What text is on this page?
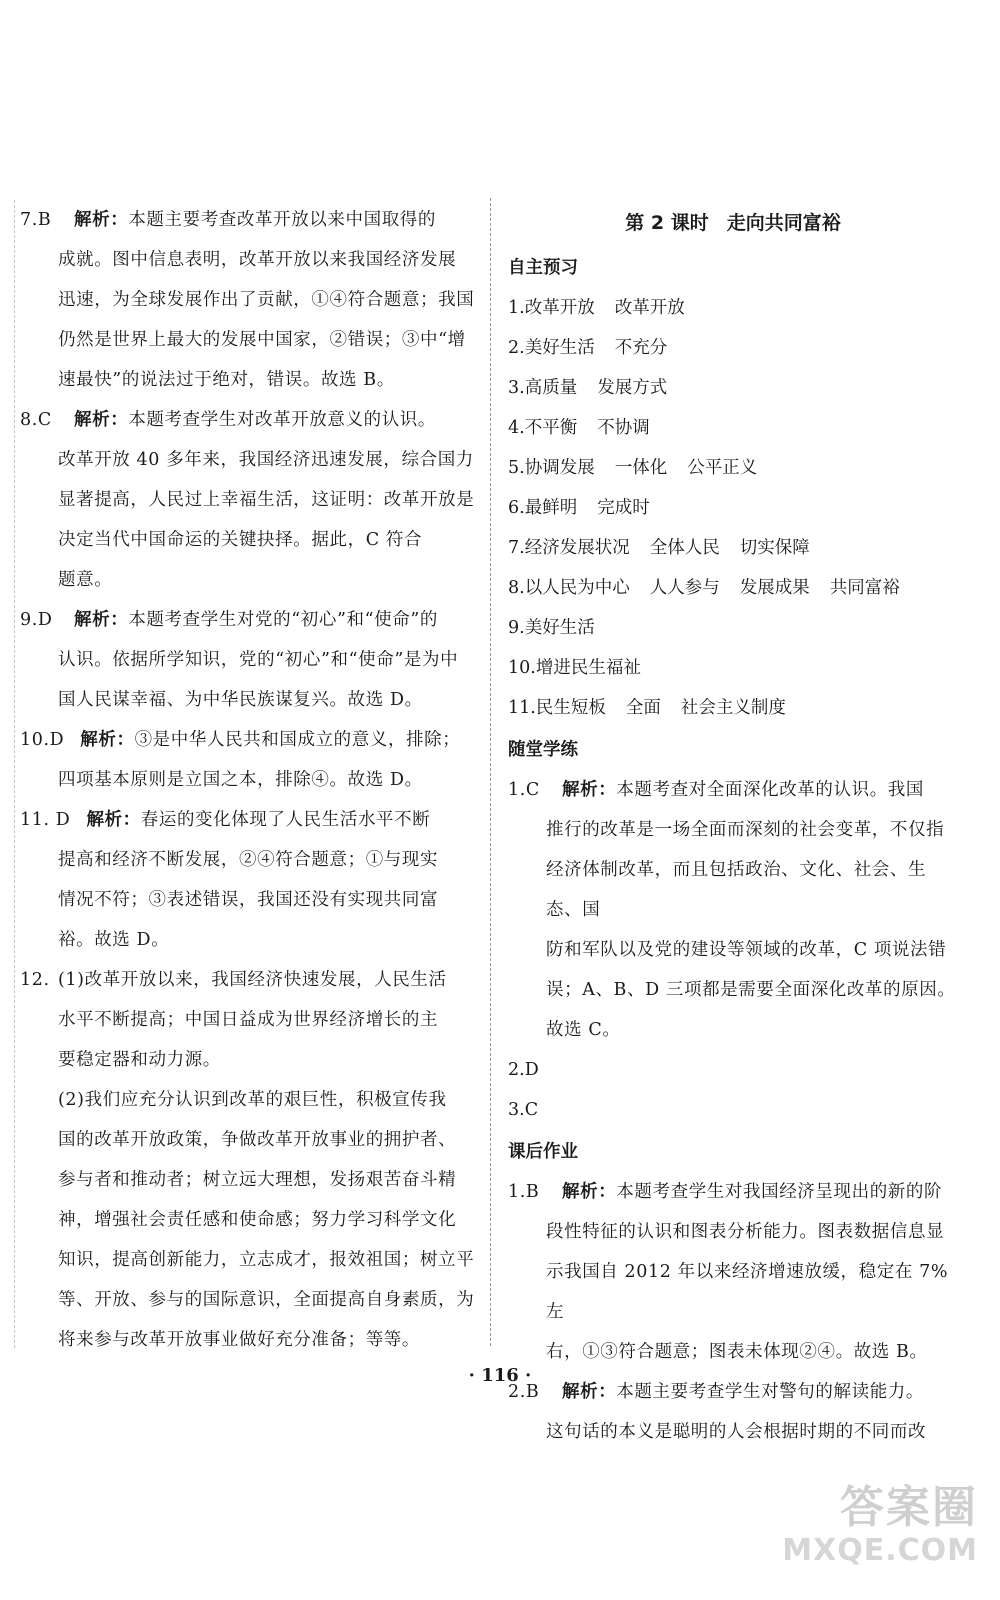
7.B 解析：本题主要考查改革开放以来中国取得的

成就。图中信息表明，改革开放以来我国经济发展

迅速，为全球发展作出了贡献，①④符合题意；我国

仍然是世界上最大的发展中国家，②错误；③中“增

速最快”的说法过于绝对，错误。故选 B。

8.C 解析：本题考查学生对改革开放意义的认识。

改革开放 40 多年来，我国经济迅速发展，综合国力

显著提高，人民过上幸福生活，这证明：改革开放是

决定当代中国命运的关键抉择。据此，C 符合

题意。

9.D 解析：本题考查学生对党的“初心”和“使命”的

认识。依据所学知识，党的“初心”和“使命”是为中

国人民谋幸福、为中华民族谋复兴。故选 D。

10.D 解析：③是中华人民共和国成立的意义，排除；

四项基本原则是立国之本，排除④。故选 D。

11. D 解析：春运的变化体现了人民生活水平不断

提高和经济不断发展，②④符合题意；①与现实

情况不符；③表述错误，我国还没有实现共同富

裕。故选 D。

12. (1)改革开放以来，我国经济快速发展，人民生活

水平不断提高；中国日益成为世界经济增长的主

要稳定器和动力源。

(2)我们应充分认识到改革的艰巨性，积极宣传我

国的改革开放政策，争做改革开放事业的拥护者、

参与者和推动者；树立远大理想，发扬艰苦奋斗精

神，增强社会责任感和使命感；努力学习科学文化

知识，提高创新能力，立志成才，报效祖国；树立平

等、开放、参与的国际意识，全面提高自身素质，为

将来参与改革开放事业做好充分准备；等等。

第 2 课时 走向共同富裕

自主预习

1.改革开放 改革开放

2.美好生活 不充分

3.高质量 发展方式

4.不平衡 不协调

5.协调发展 一体化 公平正义

6.最鲜明 完成时

7.经济发展状况 全体人民 切实保障

8.以人民为中心 人人参与 发展成果 共同富裕

9.美好生活

10.增进民生福祉

11.民生短板 全面 社会主义制度

随堂学练

1.C 解析：本题考查对全面深化改革的认识。我国

推行的改革是一场全面而深刻的社会变革，不仅指

经济体制改革，而且包括政治、文化、社会、生态、国

防和军队以及党的建设等领域的改革，C 项说法错

误；A、B、D 三项都是需要全面深化改革的原因。

故选 C。

2.D

3.C

课后作业

1.B 解析：本题考查学生对我国经济呈现出的新的阶

段性特征的认识和图表分析能力。图表数据信息显

示我国自 2012 年以来经济增速放缓，稳定在 7%左

右，①③符合题意；图表未体现②④。故选 B。

2.B 解析：本题主要考查学生对警句的解读能力。

这句话的本义是聪明的人会根据时期的不同而改

· 116 ·
答案圈
MXQE.COM
